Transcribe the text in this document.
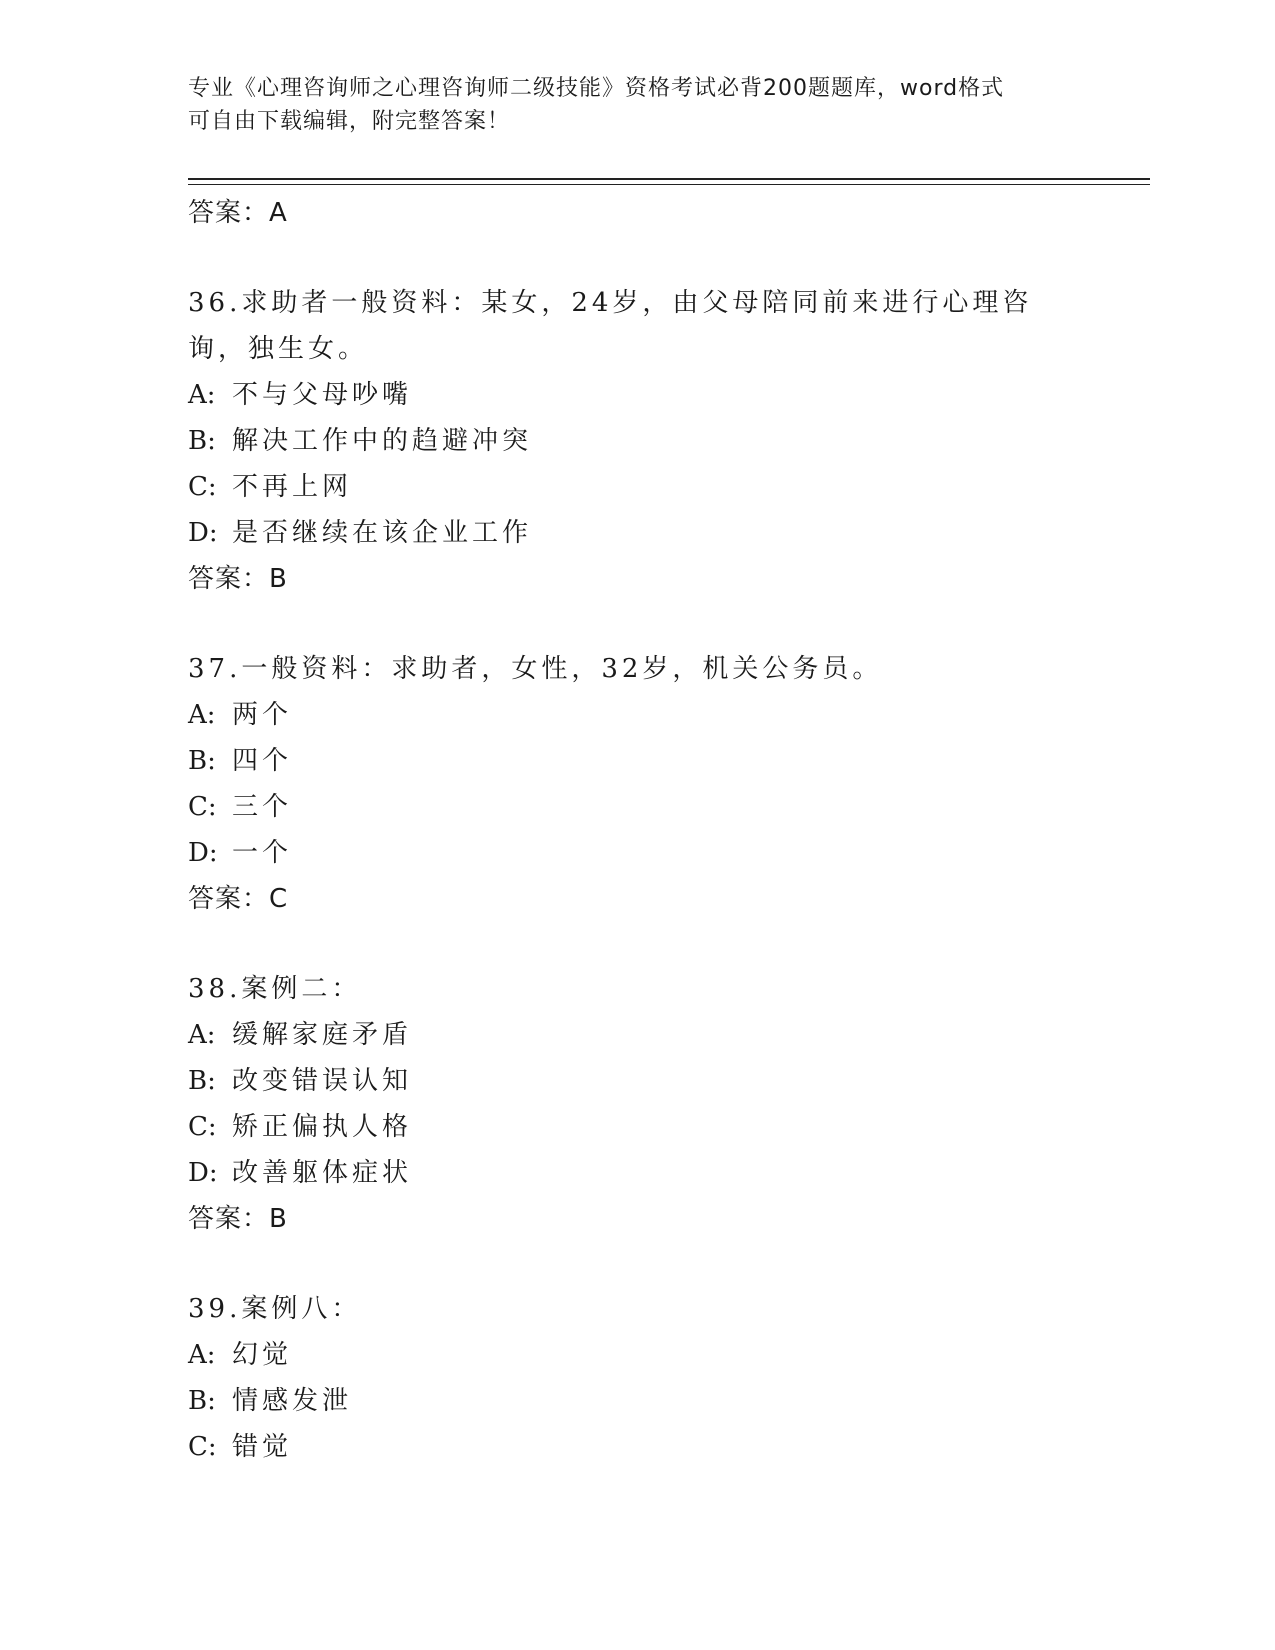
专业《心理咨询师之心理咨询师二级技能》资格考试必背200题题库，word格式
可自由下载编辑，附完整答案！
答案：A
36.求助者一般资料：某女，24岁，由父母陪同前来进行心理咨询，独生女。
A: 不与父母吵嘴
B: 解决工作中的趋避冲突
C: 不再上网
D: 是否继续在该企业工作
答案：B
37.一般资料：求助者，女性，32岁，机关公务员。
A: 两个
B: 四个
C: 三个
D: 一个
答案：C
38.案例二：
A: 缓解家庭矛盾
B: 改变错误认知
C: 矫正偏执人格
D: 改善躯体症状
答案：B
39.案例八：
A: 幻觉
B: 情感发泄
C: 错觉
